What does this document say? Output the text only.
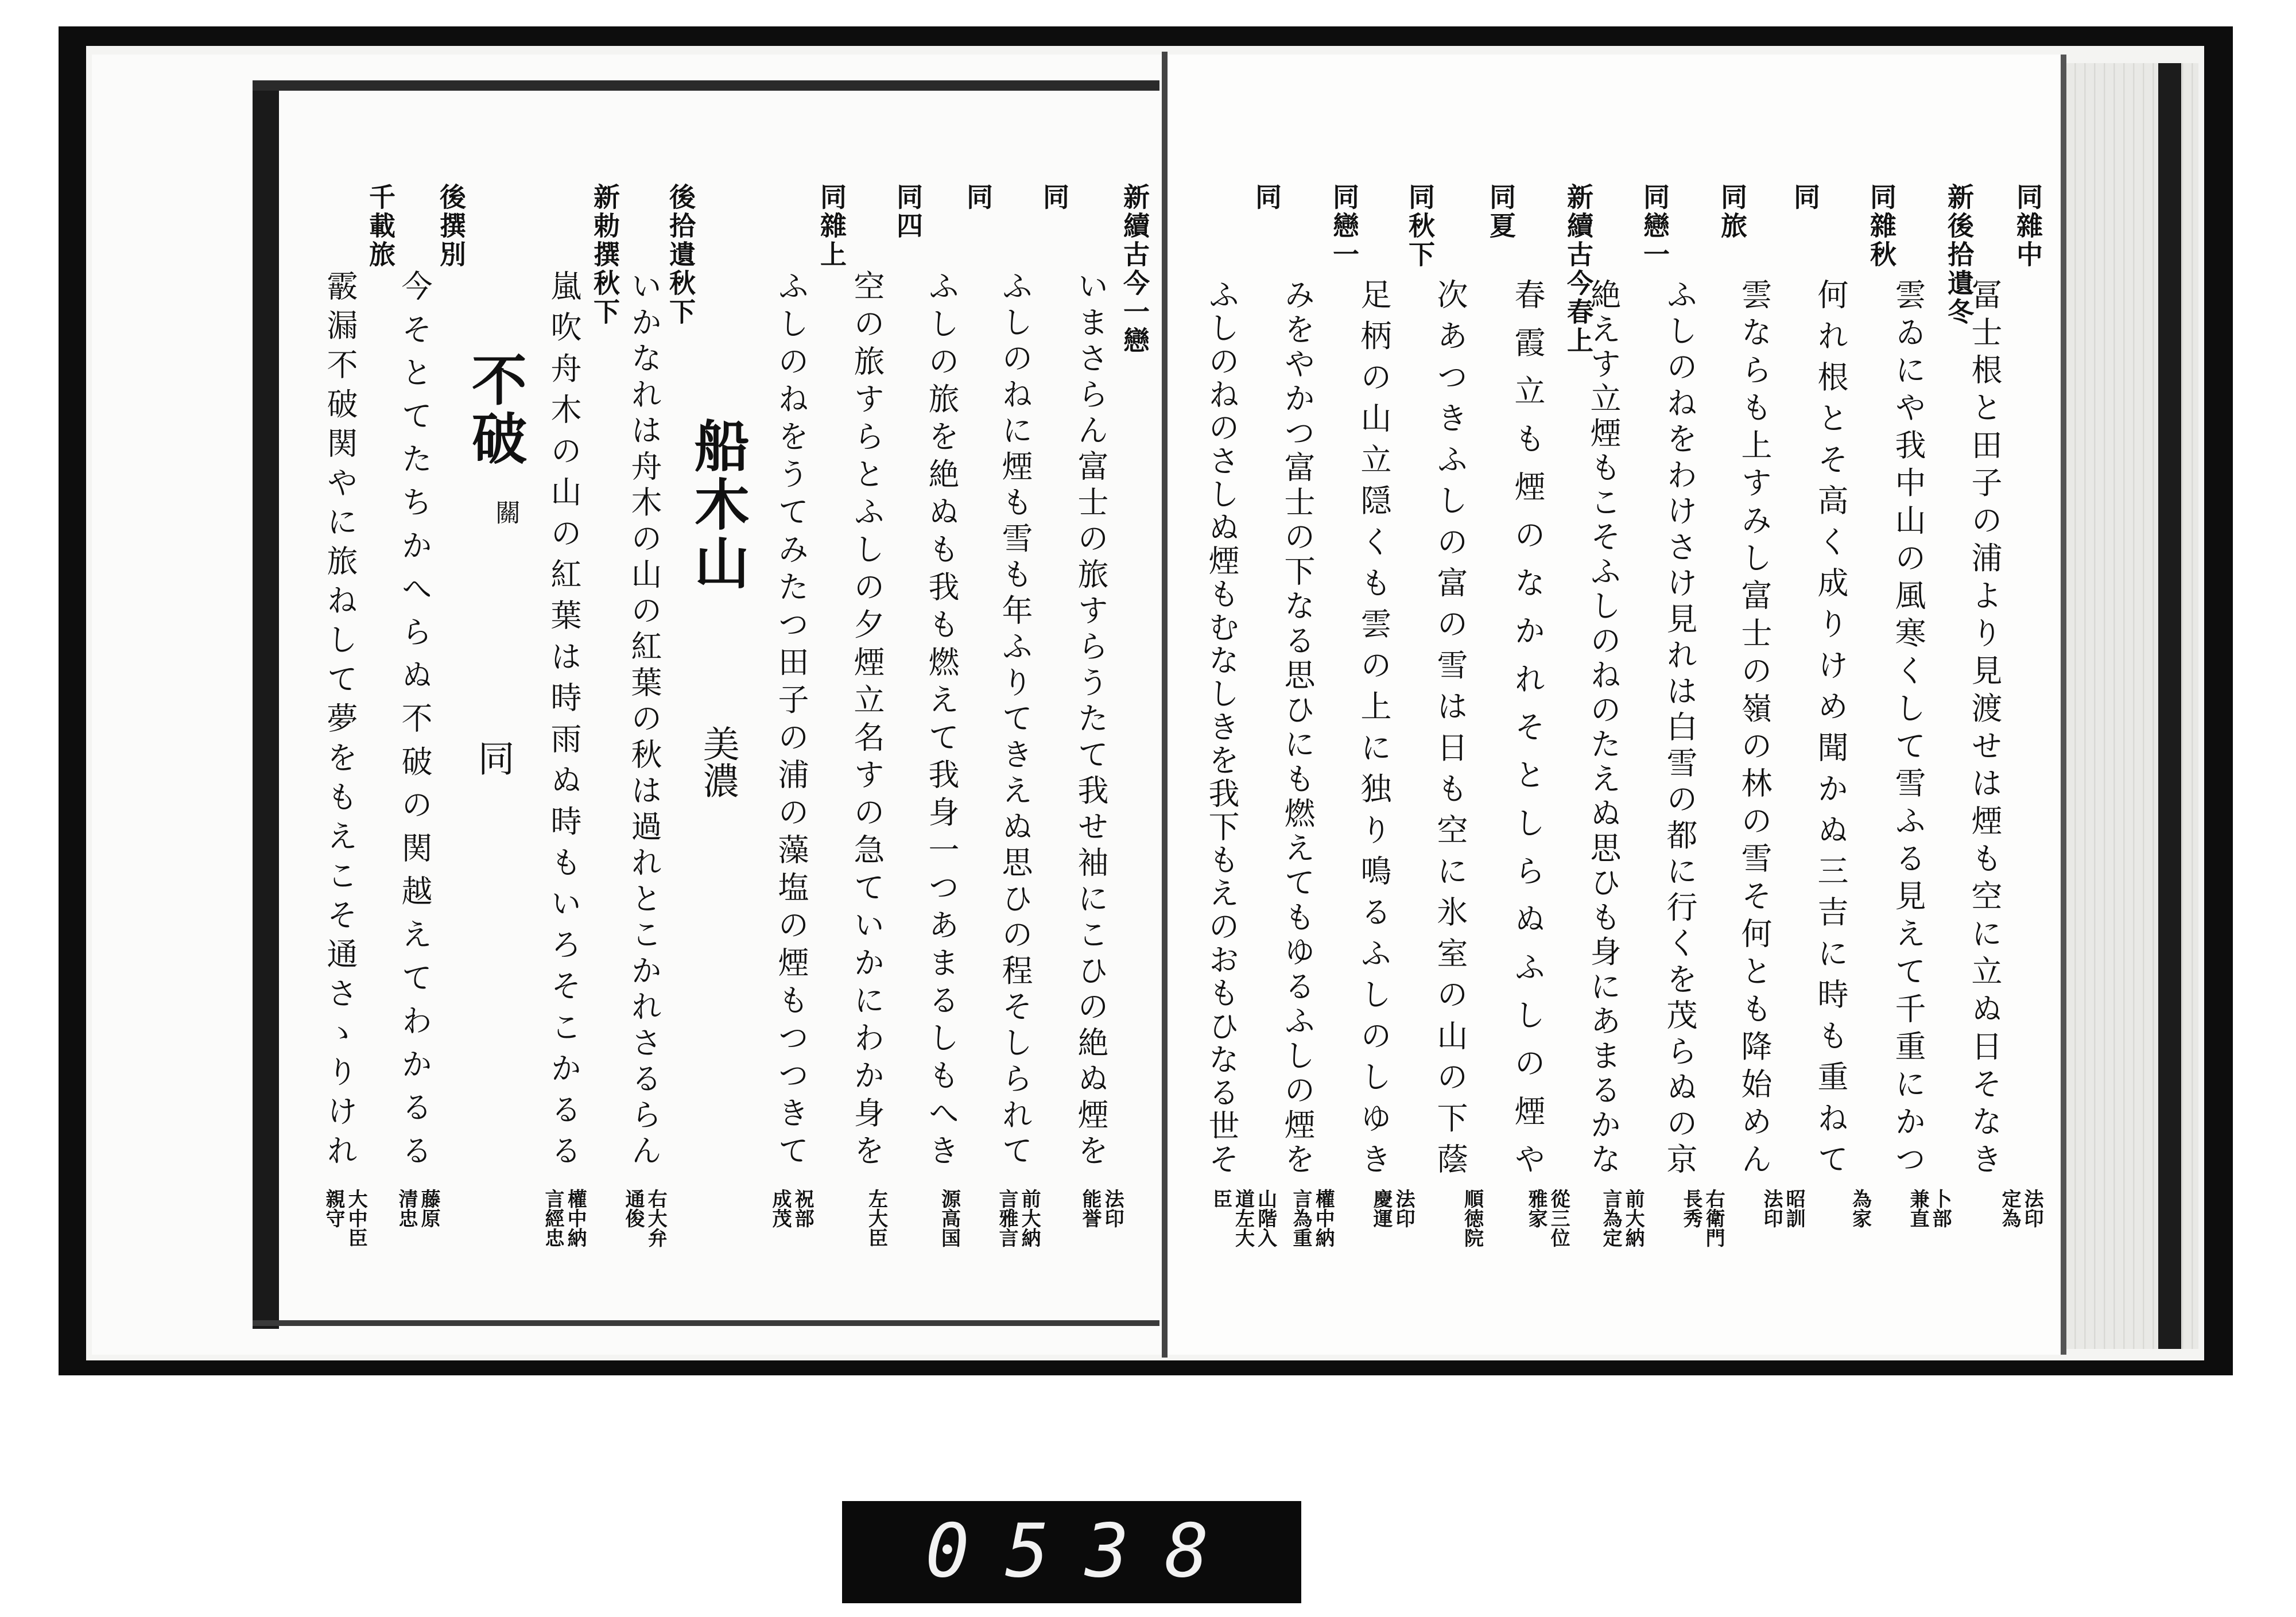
同雜中
冨士根と田子の浦より見渡せは煙も空に立ぬ日そなき
法印定為
新後拾遺冬
雲ゐにや我中山の風寒くして雪ふる見えて千重にかつ
卜部兼直
同雜秋
何れ根とそ高く成りけめ聞かぬ三吉に時も重ねて
為家
同
雲ならも上すみし富士の嶺の林の雪そ何とも降始めん
昭訓法印
同旅
ふしのねをわけさけ見れは白雪の都に行くを茂らぬの京
右衛門長秀
同戀一
絶えす立煙もこそふしのねのたえぬ思ひも身にあまるかな
前大納言為定
新續古今春上
春霞立も煙のなかれそとしらぬふしの煙や
從三位雅家
同夏
次あつきふしの富の雪は日も空に氷室の山の下蔭
順徳院
同秋下
足柄の山立隠くも雲の上に独り鳴るふしのしゆき
法印慶運
同戀一
みをやかつ富士の下なる思ひにも燃えてもゆるふしの煙を
權中納言為重
同
ふしのねのさしぬ煙もむなしきを我下もえのおもひなる世そ
山階入道左大臣
新續古今一戀
いまさらん富士の旅すらうたて我せ袖にこひの絶ぬ煙を
法印能誉
同
ふしのねに煙も雪も年ふりてきえぬ思ひの程そしられて
前大納言雅言
同
ふしの旅を絶ぬも我も燃えて我身一つあまるしもへき
源高国
同四
空の旅すらとふしの夕煙立名すの急ていかにわか身を
左大臣
同雜上
ふしのねをうてみたつ田子の浦の藻塩の煙もつつきて
祝部成茂
船木山
美濃
後拾遺秋下
いかなれは舟木の山の紅葉の秋は過れとこかれさるらん
右大弁通俊
新勅撰秋下
嵐吹舟木の山の紅葉は時雨ぬ時もいろそこかるる
權中納言經忠
不破
關
同
後撰別
今そとてたちかへらぬ不破の関越えてわかるる
藤原清忠
千載旅
霰漏不破関やに旅ねして夢をもえこそ通さゝりけれ
大中臣親守
0538
